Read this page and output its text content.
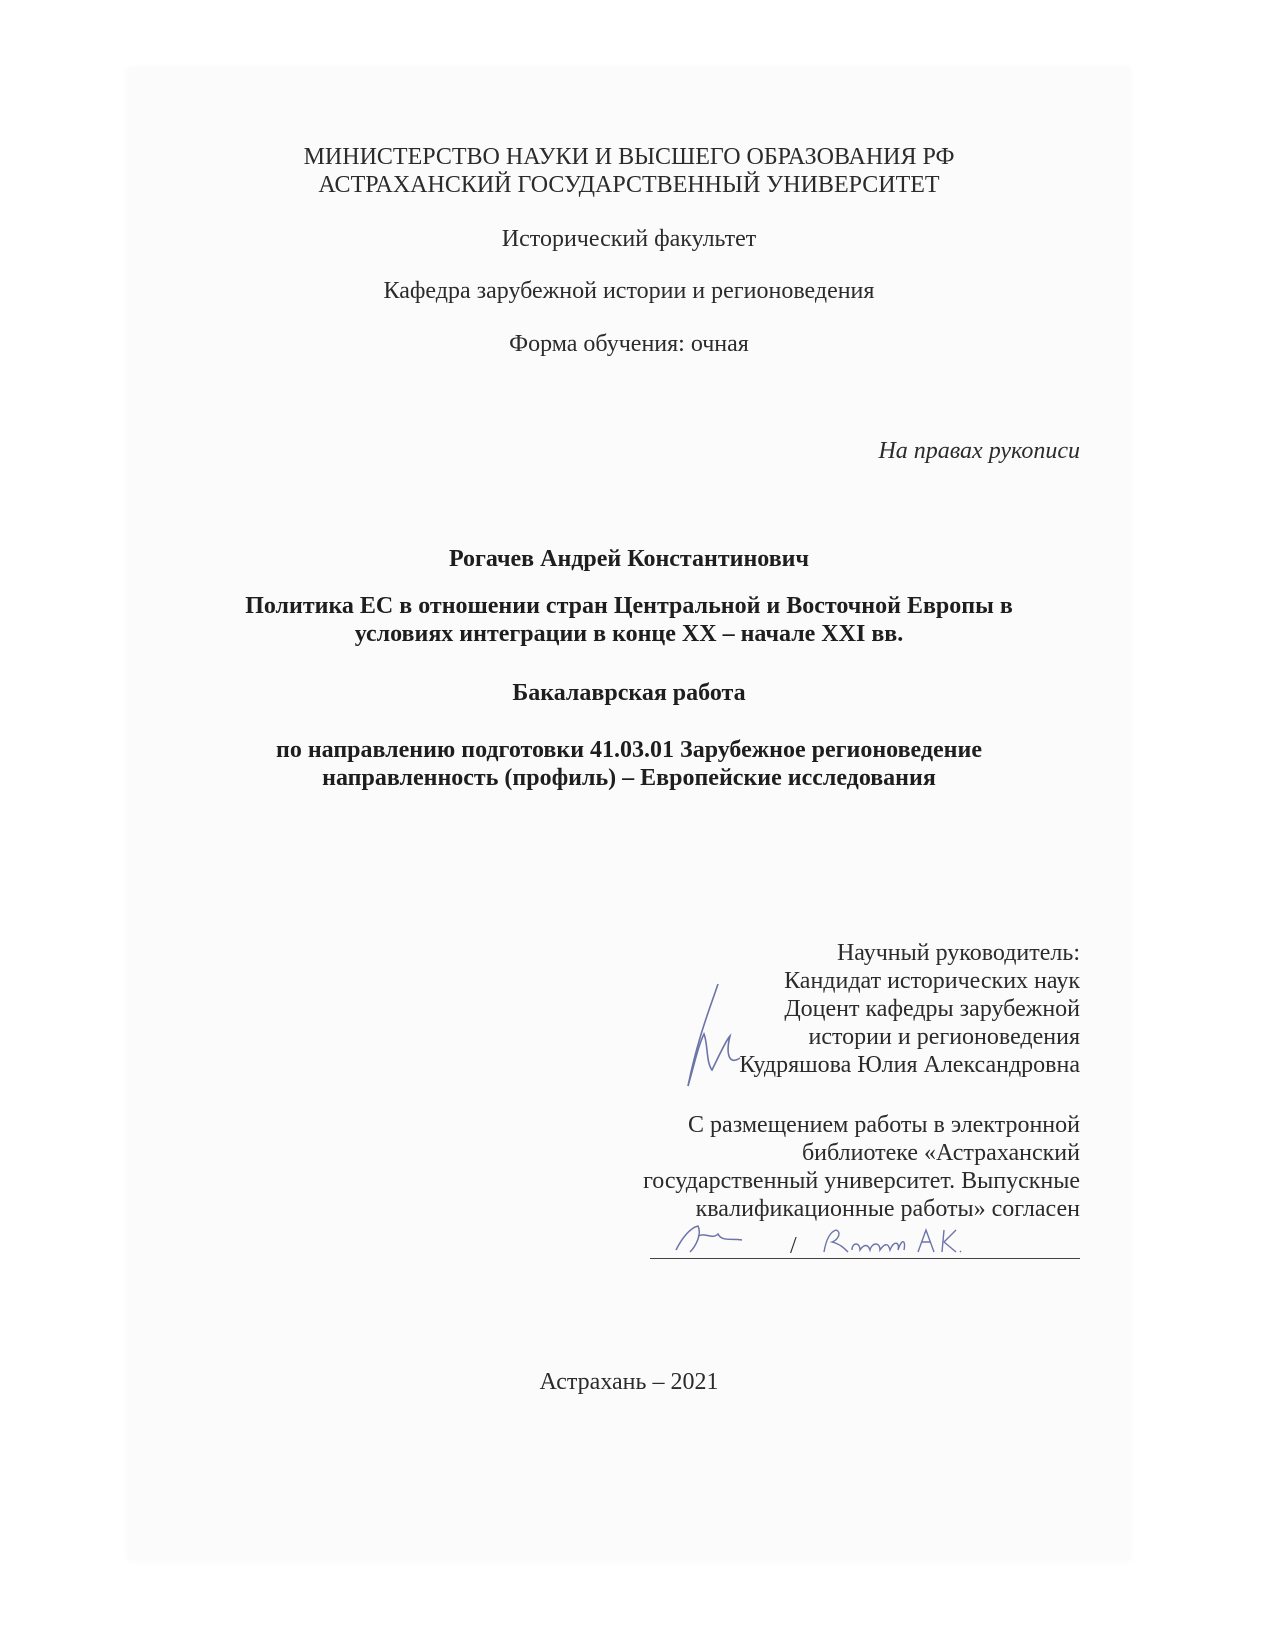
МИНИСТЕРСТВО НАУКИ И ВЫСШЕГО ОБРАЗОВАНИЯ РФ
АСТРАХАНСКИЙ ГОСУДАРСТВЕННЫЙ УНИВЕРСИТЕТ
Исторический факультет
Кафедра зарубежной истории и регионоведения
Форма обучения: очная
На правах рукописи
Рогачев Андрей Константинович
Политика ЕС в отношении стран Центральной и Восточной Европы в
условиях интеграции в конце XX – начале XXI вв.
Бакалаврская работа
по направлению подготовки 41.03.01 Зарубежное регионоведение
направленность (профиль) – Европейские исследования
Научный руководитель:
Кандидат исторических наук
Доцент кафедры зарубежной
истории и регионоведения
Кудряшова Юлия Александровна
С размещением работы в электронной
библиотеке «Астраханский
государственный университет. Выпускные
квалификационные работы» согласен
/
Астрахань – 2021
